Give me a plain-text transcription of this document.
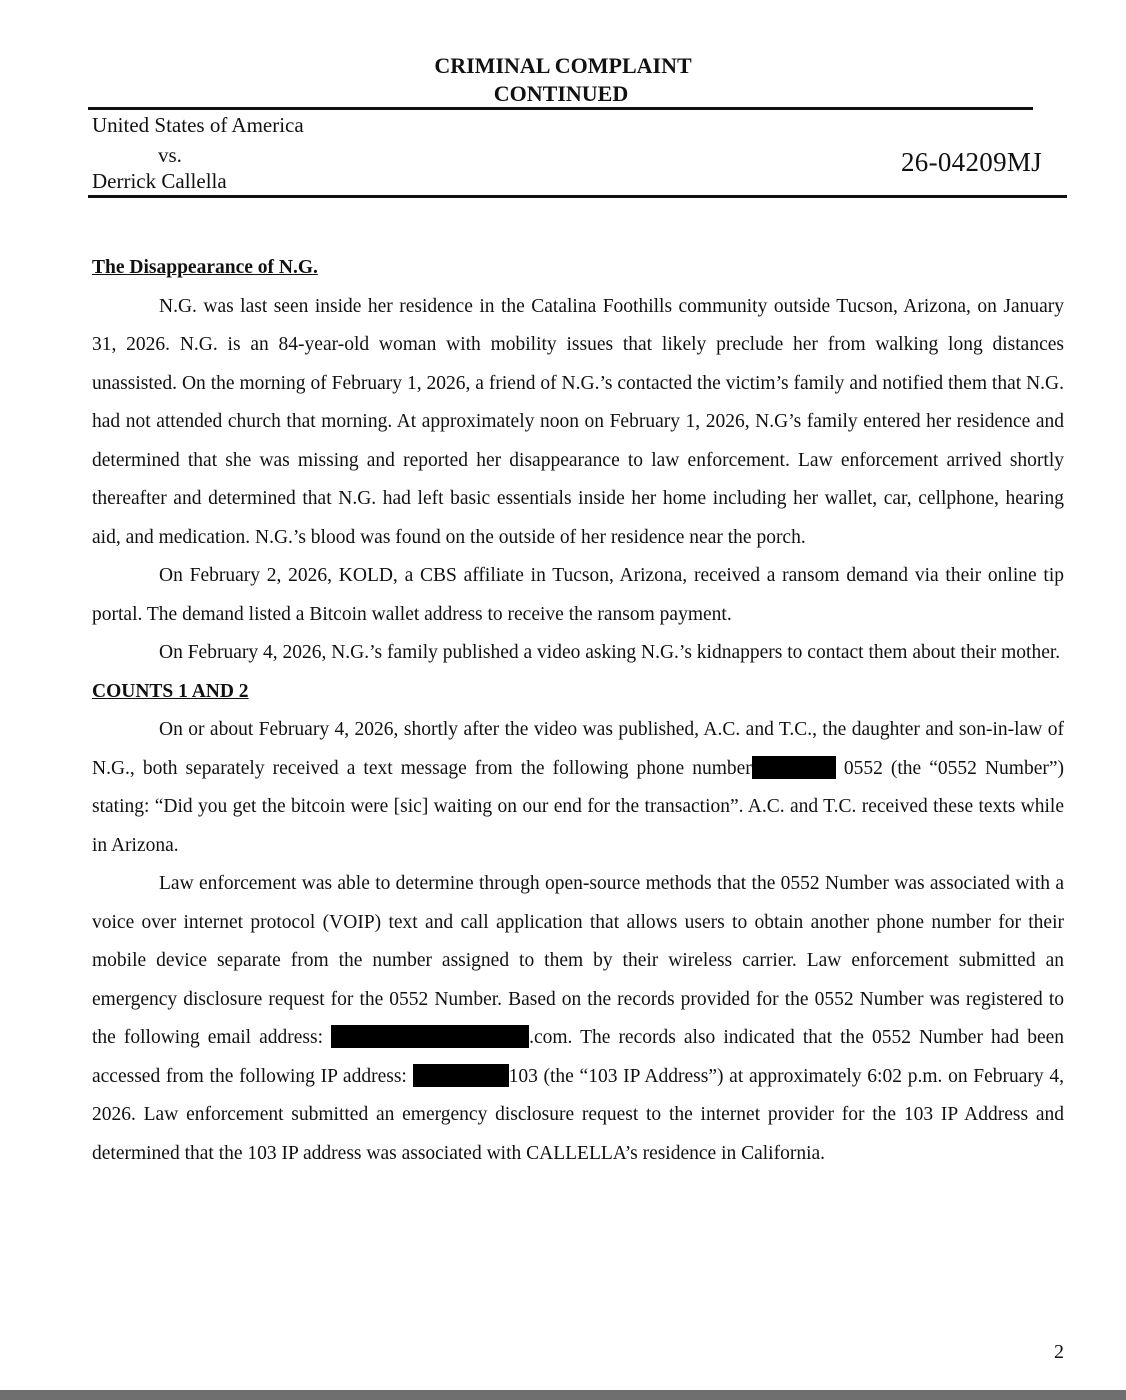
CRIMINAL COMPLAINT
CONTINUED
United States of America
vs.
Derrick Callella
26-04209MJ

The Disappearance of N.G.

N.G. was last seen inside her residence in the Catalina Foothills community outside Tucson, Arizona, on January 31, 2026. N.G. is an 84-year-old woman with mobility issues that likely preclude her from walking long distances unassisted. On the morning of February 1, 2026, a friend of N.G.’s contacted the victim’s family and notified them that N.G. had not attended church that morning. At approximately noon on February 1, 2026, N.G’s family entered her residence and determined that she was missing and reported her disappearance to law enforcement. Law enforcement arrived shortly thereafter and determined that N.G. had left basic essentials inside her home including her wallet, car, cellphone, hearing aid, and medication. N.G.’s blood was found on the outside of her residence near the porch.

On February 2, 2026, KOLD, a CBS affiliate in Tucson, Arizona, received a ransom demand via their online tip portal. The demand listed a Bitcoin wallet address to receive the ransom payment.

On February 4, 2026, N.G.’s family published a video asking N.G.’s kidnappers to contact them about their mother.

COUNTS 1 AND 2

On or about February 4, 2026, shortly after the video was published, A.C. and T.C., the daughter and son-in-law of N.G., both separately received a text message from the following phone number	0552 (the “0552 Number”) stating: “Did you get the bitcoin were [sic] waiting on our end for the transaction”. A.C. and T.C. received these texts while in Arizona.

Law enforcement was able to determine through open-source methods that the 0552 Number was associated with a voice over internet protocol (VOIP) text and call application that allows users to obtain another phone number for their mobile device separate from the number assigned to them by their wireless carrier. Law enforcement submitted an emergency disclosure request for the 0552 Number. Based on the records provided for the 0552 Number was registered to the following email address:	.com. The records also indicated that the 0552 Number had been accessed from the following IP address:	103 (the “103 IP Address”) at approximately 6:02 p.m. on February 4, 2026. Law enforcement submitted an emergency disclosure request to the internet provider for the 103 IP Address and determined that the 103 IP address was associated with CALLELLA’s residence in California.

2
